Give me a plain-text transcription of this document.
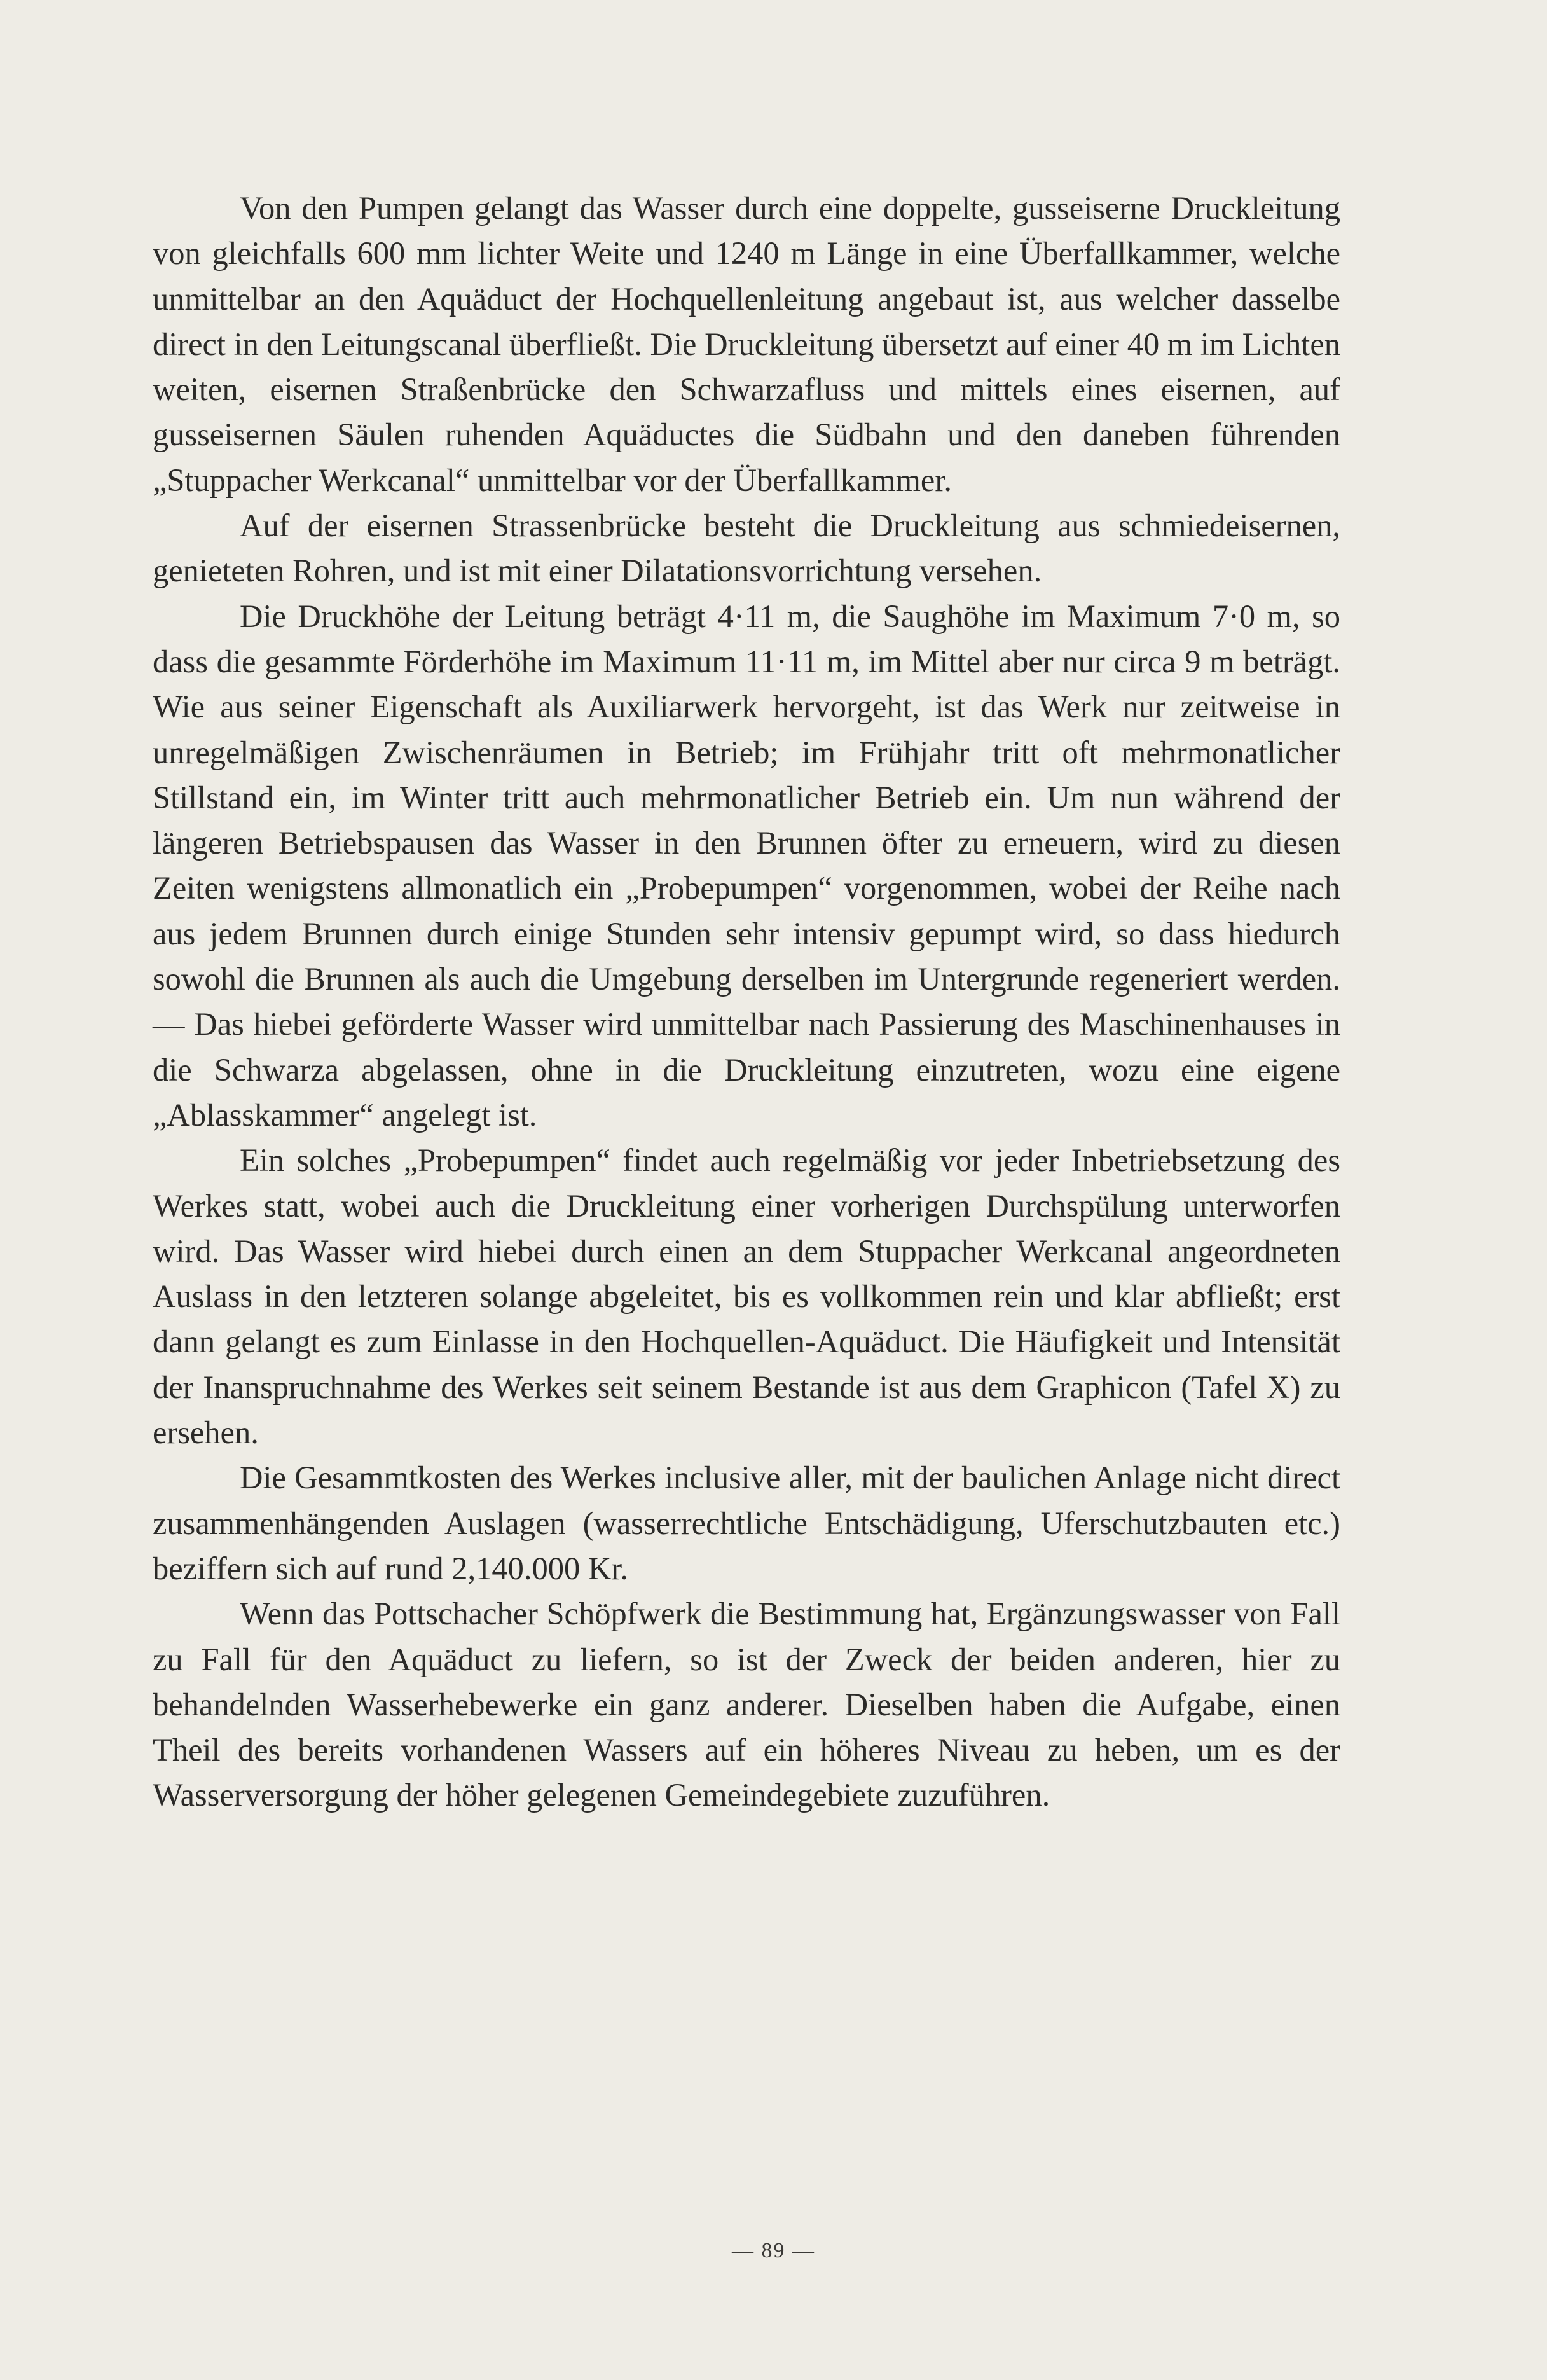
Von den Pumpen gelangt das Wasser durch eine doppelte, gusseiserne Druckleitung von gleichfalls 600 mm lichter Weite und 1240 m Länge in eine Überfallkammer, welche unmittelbar an den Aquäduct der Hochquellenleitung angebaut ist, aus welcher dasselbe direct in den Leitungscanal überfließt. Die Druckleitung übersetzt auf einer 40 m im Lichten weiten, eisernen Straßenbrücke den Schwarzafluss und mittels eines eisernen, auf gusseisernen Säulen ruhenden Aquäductes die Südbahn und den daneben führenden „Stuppacher Werkcanal“ unmittelbar vor der Überfallkammer.

Auf der eisernen Strassenbrücke besteht die Druckleitung aus schmiedeisernen, genieteten Rohren, und ist mit einer Dilatationsvorrichtung versehen.

Die Druckhöhe der Leitung beträgt 4·11 m, die Saughöhe im Maximum 7·0 m, so dass die gesammte Förderhöhe im Maximum 11·11 m, im Mittel aber nur circa 9 m beträgt. Wie aus seiner Eigenschaft als Auxiliarwerk hervorgeht, ist das Werk nur zeitweise in unregelmäßigen Zwischenräumen in Betrieb; im Frühjahr tritt oft mehrmonatlicher Stillstand ein, im Winter tritt auch mehrmonatlicher Betrieb ein. Um nun während der längeren Betriebspausen das Wasser in den Brunnen öfter zu erneuern, wird zu diesen Zeiten wenigstens allmonatlich ein „Probepumpen“ vorgenommen, wobei der Reihe nach aus jedem Brunnen durch einige Stunden sehr intensiv gepumpt wird, so dass hiedurch sowohl die Brunnen als auch die Umgebung derselben im Untergrunde regeneriert werden. — Das hiebei geförderte Wasser wird unmittelbar nach Passierung des Maschinenhauses in die Schwarza abgelassen, ohne in die Druckleitung einzutreten, wozu eine eigene „Ablasskammer“ angelegt ist.

Ein solches „Probepumpen“ findet auch regelmäßig vor jeder Inbetriebsetzung des Werkes statt, wobei auch die Druckleitung einer vorherigen Durchspülung unterworfen wird. Das Wasser wird hiebei durch einen an dem Stuppacher Werkcanal angeordneten Auslass in den letzteren solange abgeleitet, bis es vollkommen rein und klar abfließt; erst dann gelangt es zum Einlasse in den Hochquellen-Aquäduct. Die Häufigkeit und Intensität der Inanspruchnahme des Werkes seit seinem Bestande ist aus dem Graphicon (Tafel X) zu ersehen.

Die Gesammtkosten des Werkes inclusive aller, mit der baulichen Anlage nicht direct zusammenhängenden Auslagen (wasserrechtliche Entschädigung, Uferschutzbauten etc.) beziffern sich auf rund 2,140.000 Kr.

Wenn das Pottschacher Schöpfwerk die Bestimmung hat, Ergänzungswasser von Fall zu Fall für den Aquäduct zu liefern, so ist der Zweck der beiden anderen, hier zu behandelnden Wasserhebewerke ein ganz anderer. Dieselben haben die Aufgabe, einen Theil des bereits vorhandenen Wassers auf ein höheres Niveau zu heben, um es der Wasserversorgung der höher gelegenen Gemeindegebiete zuzuführen.

— 89 —
